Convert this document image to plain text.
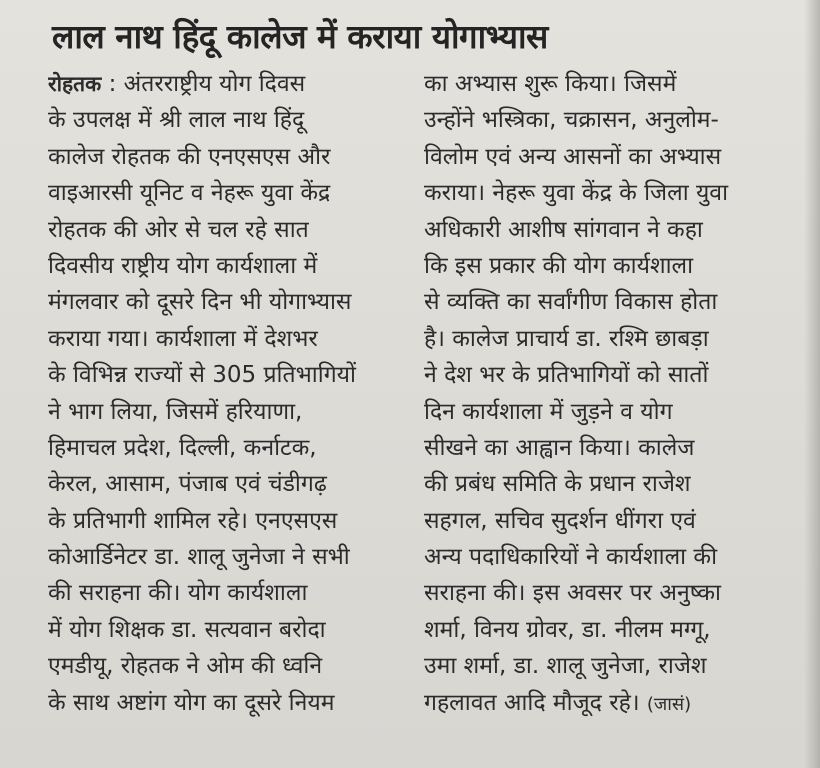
लाल नाथ हिंदू कालेज में कराया योगाभ्यास
रोहतक : अंतरराष्ट्रीय योग दिवस
के उपलक्ष में श्री लाल नाथ हिंदू
कालेज रोहतक की एनएसएस और
वाइआरसी यूनिट व नेहरू युवा केंद्र
रोहतक की ओर से चल रहे सात
दिवसीय राष्ट्रीय योग कार्यशाला में
मंगलवार को दूसरे दिन भी योगाभ्यास
कराया गया। कार्यशाला में देशभर
के विभिन्न राज्यों से 305 प्रतिभागियों
ने भाग लिया, जिसमें हरियाणा,
हिमाचल प्रदेश, दिल्ली, कर्नाटक,
केरल, आसाम, पंजाब एवं चंडीगढ़
के प्रतिभागी शामिल रहे। एनएसएस
कोआर्डिनेटर डा. शालू जुनेजा ने सभी
की सराहना की। योग कार्यशाला
में योग शिक्षक डा. सत्यवान बरोदा
एमडीयू, रोहतक ने ओम की ध्वनि
के साथ अष्टांग योग का दूसरे नियम
का अभ्यास शुरू किया। जिसमें
उन्होंने भस्त्रिका, चक्रासन, अनुलोम-
विलोम एवं अन्य आसनों का अभ्यास
कराया। नेहरू युवा केंद्र के जिला युवा
अधिकारी आशीष सांगवान ने कहा
कि इस प्रकार की योग कार्यशाला
से व्यक्ति का सर्वांगीण विकास होता
है। कालेज प्राचार्य डा. रश्मि छाबड़ा
ने देश भर के प्रतिभागियों को सातों
दिन कार्यशाला में जुड़ने व योग
सीखने का आह्वान किया। कालेज
की प्रबंध समिति के प्रधान राजेश
सहगल, सचिव सुदर्शन धींगरा एवं
अन्य पदाधिकारियों ने कार्यशाला की
सराहना की। इस अवसर पर अनुष्का
शर्मा, विनय ग्रोवर, डा. नीलम मग्गू,
उमा शर्मा, डा. शालू जुनेजा, राजेश
गहलावत आदि मौजूद रहे। (जासं)
